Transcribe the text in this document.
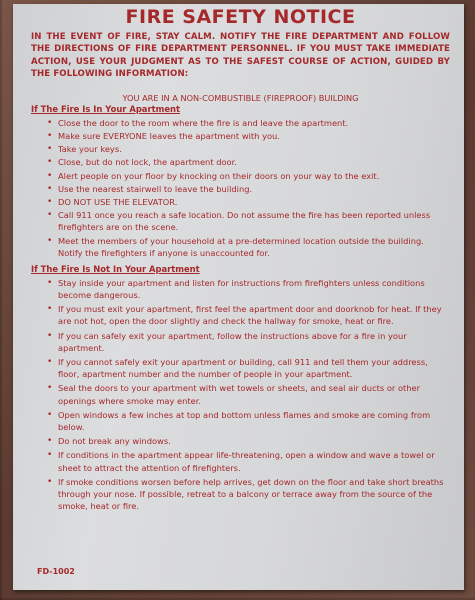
FIRE SAFETY NOTICE
IN THE EVENT OF FIRE, STAY CALM. NOTIFY THE FIRE DEPARTMENT AND FOLLOW THE DIRECTIONS OF FIRE DEPARTMENT PERSONNEL. IF YOU MUST TAKE IMMEDIATE ACTION, USE YOUR JUDGMENT AS TO THE SAFEST COURSE OF ACTION, GUIDED BY THE FOLLOWING INFORMATION:
YOU ARE IN A NON-COMBUSTIBLE (FIREPROOF) BUILDING
If The Fire Is In Your Apartment
• Close the door to the room where the fire is and leave the apartment.
• Make sure EVERYONE leaves the apartment with you.
• Take your keys.
• Close, but do not lock, the apartment door.
• Alert people on your floor by knocking on their doors on your way to the exit.
• Use the nearest stairwell to leave the building.
• DO NOT USE THE ELEVATOR.
• Call 911 once you reach a safe location. Do not assume the fire has been reported unless firefighters are on the scene.
• Meet the members of your household at a pre-determined location outside the building. Notify the firefighters if anyone is unaccounted for.
If The Fire Is Not In Your Apartment
• Stay inside your apartment and listen for instructions from firefighters unless conditions become dangerous.
• If you must exit your apartment, first feel the apartment door and doorknob for heat. If they are not hot, open the door slightly and check the hallway for smoke, heat or fire.
• If you can safely exit your apartment, follow the instructions above for a fire in your apartment.
• If you cannot safely exit your apartment or building, call 911 and tell them your address, floor, apartment number and the number of people in your apartment.
• Seal the doors to your apartment with wet towels or sheets, and seal air ducts or other openings where smoke may enter.
• Open windows a few inches at top and bottom unless flames and smoke are coming from below.
• Do not break any windows.
• If conditions in the apartment appear life-threatening, open a window and wave a towel or sheet to attract the attention of firefighters.
• If smoke conditions worsen before help arrives, get down on the floor and take short breaths through your nose. If possible, retreat to a balcony or terrace away from the source of the smoke, heat or fire.
FD-1002
